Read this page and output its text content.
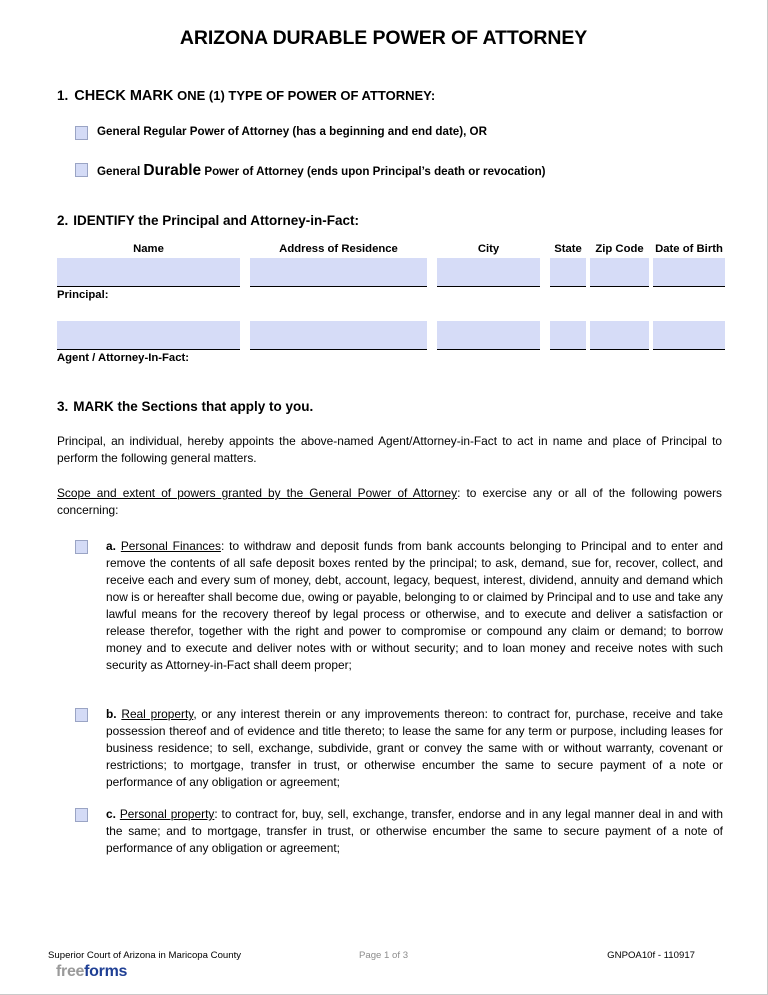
ARIZONA DURABLE POWER OF ATTORNEY
1. CHECK MARK ONE (1) TYPE OF POWER OF ATTORNEY:
General Regular Power of Attorney (has a beginning and end date), OR
General Durable Power of Attorney (ends upon Principal’s death or revocation)
2. IDENTIFY the Principal and Attorney-in-Fact:
Name	Address of Residence	City	State	Zip Code	Date of Birth
Principal:
Agent / Attorney-In-Fact:
3. MARK the Sections that apply to you.
Principal, an individual, hereby appoints the above-named Agent/Attorney-in-Fact to act in name and place of Principal to perform the following general matters.
Scope and extent of powers granted by the General Power of Attorney: to exercise any or all of the following powers concerning:
a. Personal Finances: to withdraw and deposit funds from bank accounts belonging to Principal and to enter and remove the contents of all safe deposit boxes rented by the principal; to ask, demand, sue for, recover, collect, and receive each and every sum of money, debt, account, legacy, bequest, interest, dividend, annuity and demand which now is or hereafter shall become due, owing or payable, belonging to or claimed by Principal and to use and take any lawful means for the recovery thereof by legal process or otherwise, and to execute and deliver a satisfaction or release therefor, together with the right and power to compromise or compound any claim or demand; to borrow money and to execute and deliver notes with or without security; and to loan money and receive notes with such security as Attorney-in-Fact shall deem proper;
b. Real property, or any interest therein or any improvements thereon: to contract for, purchase, receive and take possession thereof and of evidence and title thereto; to lease the same for any term or purpose, including leases for business residence; to sell, exchange, subdivide, grant or convey the same with or without warranty, covenant or restrictions; to mortgage, transfer in trust, or otherwise encumber the same to secure payment of a note or performance of any obligation or agreement;
c. Personal property: to contract for, buy, sell, exchange, transfer, endorse and in any legal manner deal in and with the same; and to mortgage, transfer in trust, or otherwise encumber the same to secure payment of a note of performance of any obligation or agreement;
Superior Court of Arizona in Maricopa County	Page 1 of 3	GNPOA10f - 110917
freeforms
